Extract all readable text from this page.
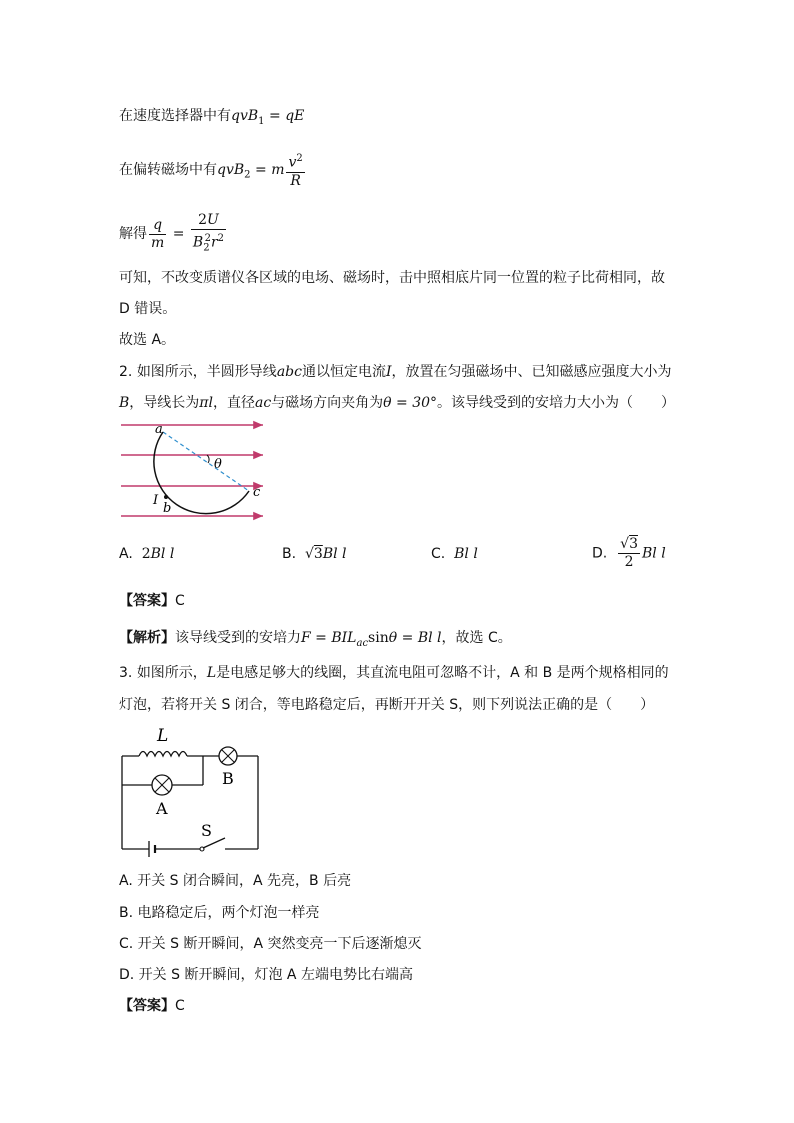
在速度选择器中有qvB$_1$ = qE
在偏转磁场中有qvB$_2$ = m $\frac{v^2}{R}$
解得 $\frac{q}{m} = \frac{2U}{B_2^2r^2}$
可知，不改变质谱仪各区域的电场、磁场时，击中照相底片同一位置的粒子比荷相同，故
D 错误。
故选 A。
2. 如图所示，半圆形导线abc通以恒定电流I，放置在匀强磁场中、已知磁感应强度大小为
B，导线长为πl，直径ac与磁场方向夹角为θ = 30°。该导线受到的安培力大小为（　　）
a
θ
c
I
b
A. 2Bl l	B. √3Bl l	C. Bl l	D. $\frac{√3}{2}$ Bl l
【答案】C
【解析】该导线受到的安培力$F = BIL_{ac}\sin\theta = Bl$ l，故选 C。
3. 如图所示，L是电感足够大的线圈，其直流电阻可忽略不计，A 和 B 是两个规格相同的
灯泡，若将开关 S 闭合，等电路稳定后，再断开开关 S，则下列说法正确的是（　　）
L
B
A
S
A. 开关 S 闭合瞬间，A 先亮，B 后亮
B. 电路稳定后，两个灯泡一样亮
C. 开关 S 断开瞬间，A 突然变亮一下后逐渐熄灭
D. 开关 S 断开瞬间，灯泡 A 左端电势比右端高
【答案】C
